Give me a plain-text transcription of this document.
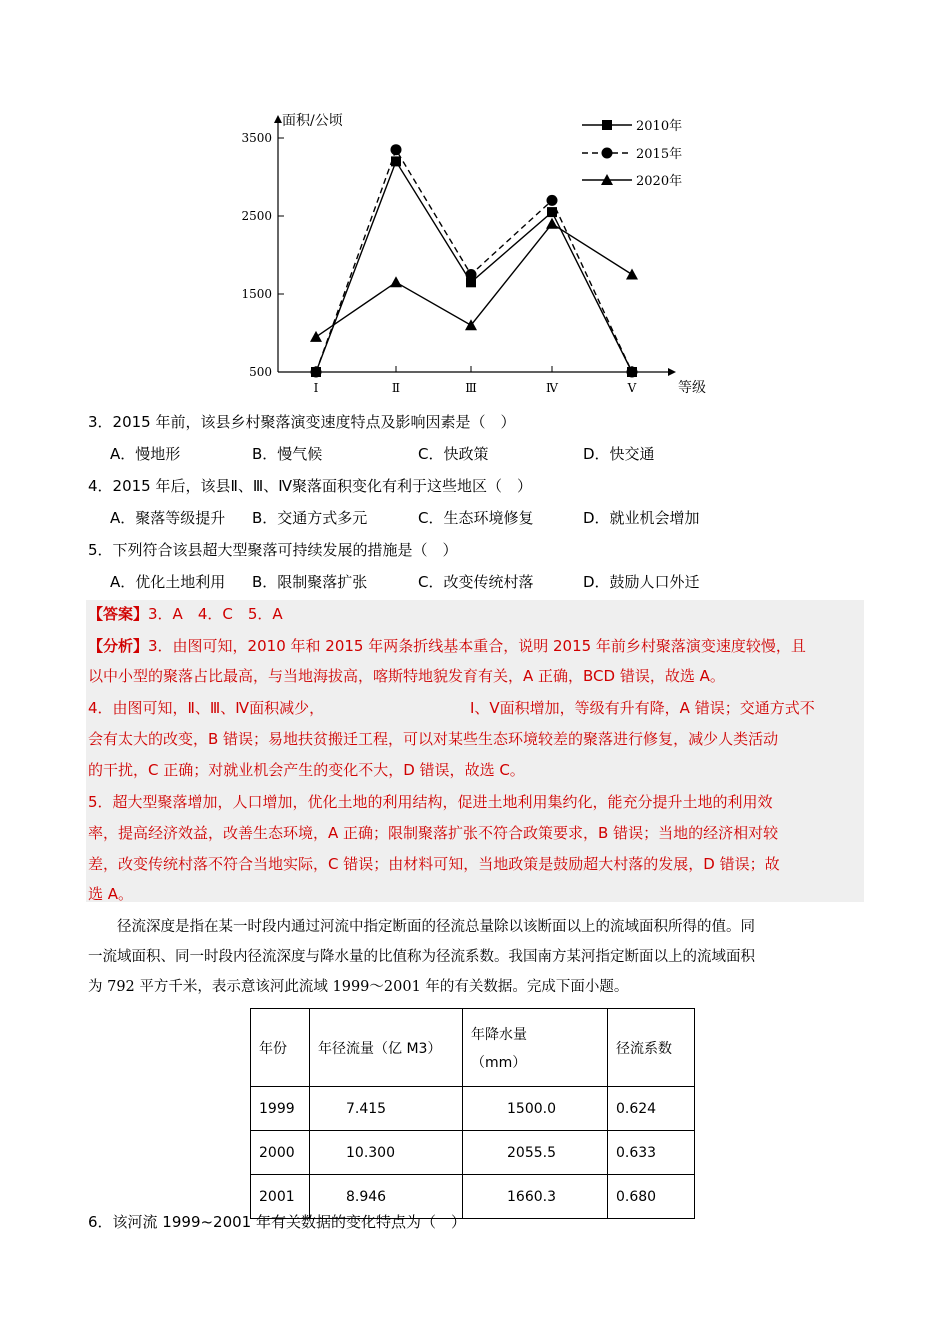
面积/公顷
等级
3500
2500
1500
500
Ⅰ	Ⅱ	Ⅲ	Ⅳ	Ⅴ
2010年
2015年
2020年
3．2015 年前，该县乡村聚落演变速度特点及影响因素是（　）
A．慢地形	B．慢气候	C．快政策	D．快交通
4．2015 年后，该县Ⅱ、Ⅲ、Ⅳ聚落面积变化有利于这些地区（　）
A．聚落等级提升 B．交通方式多元	C．生态环境修复	D．就业机会增加
5．下列符合该县超大型聚落可持续发展的措施是（　）
A．优化土地利用 B．限制聚落扩张	C．改变传统村落	D．鼓励人口外迁
【答案】3．A　4．C　5．A
【分析】3．由图可知，2010 年和 2015 年两条折线基本重合，说明 2015 年前乡村聚落演变速度较慢，且
以中小型的聚落占比最高，与当地海拔高，喀斯特地貌发育有关，A 正确，BCD 错误，故选 A。
4．由图可知，Ⅱ、Ⅲ、Ⅳ面积减少，	Ⅰ、Ⅴ面积增加，等级有升有降，A 错误；交通方式不
会有太大的改变，B 错误；易地扶贫搬迁工程，可以对某些生态环境较差的聚落进行修复，减少人类活动
的干扰，C 正确；对就业机会产生的变化不大，D 错误，故选 C。
5．超大型聚落增加，人口增加，优化土地的利用结构，促进土地利用集约化，能充分提升土地的利用效
率，提高经济效益，改善生态环境，A 正确；限制聚落扩张不符合政策要求，B 错误；当地的经济相对较
差，改变传统村落不符合当地实际，C 错误；由材料可知，当地政策是鼓励超大村落的发展，D 错误；故
选 A。
　　径流深度是指在某一时段内通过河流中指定断面的径流总量除以该断面以上的流域面积所得的值。同
一流域面积、同一时段内径流深度与降水量的比值称为径流系数。我国南方某河指定断面以上的流域面积
为 792 平方千米，表示意该河此流域 1999～2001 年的有关数据。完成下面小题。
年份	年径流量（亿 M3）	年降水量
（mm）	径流系数
1999	7.415	1500.0	0.624
2000	10.300	2055.5	0.633
2001	8.946	1660.3	0.680
6．该河流 1999~2001 年有关数据的变化特点为（　）
